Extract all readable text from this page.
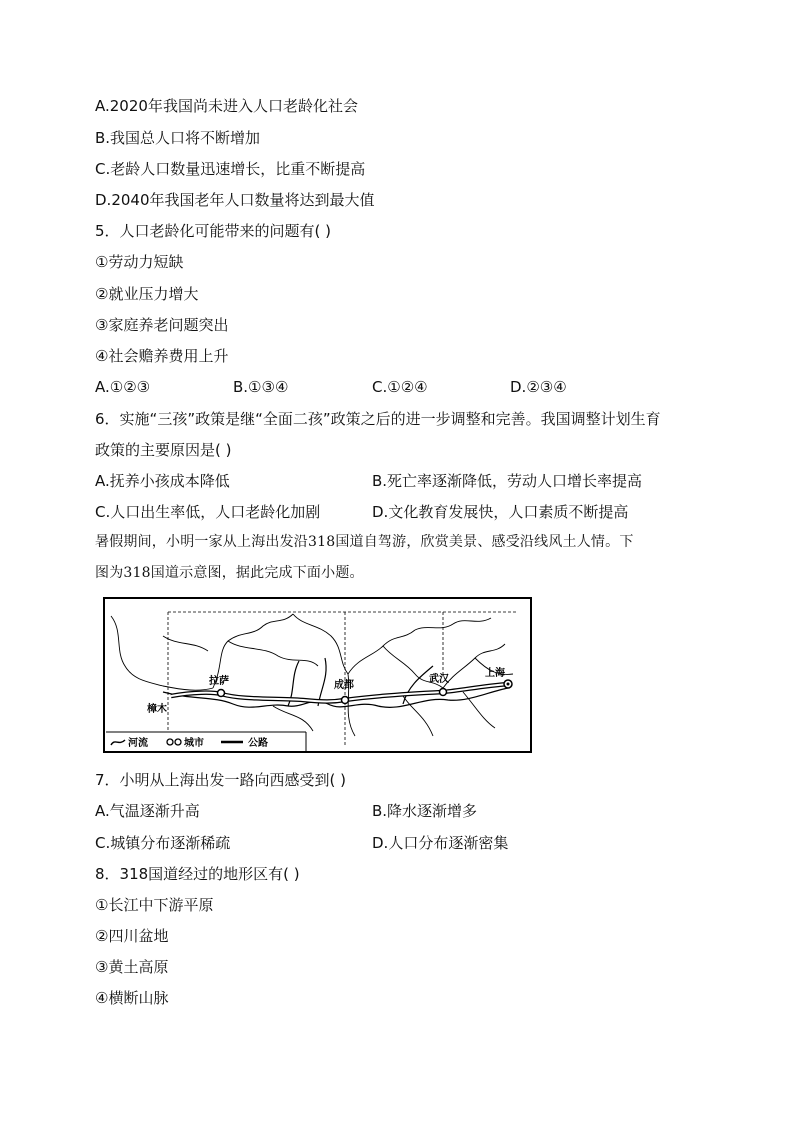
A.2020年我国尚未进入人口老龄化社会
B.我国总人口将不断增加
C.老龄人口数量迅速增长，比重不断提高
D.2040年我国老年人口数量将达到最大值
5．人口老龄化可能带来的问题有( )
①劳动力短缺
②就业压力增大
③家庭养老问题突出
④社会赡养费用上升
A.①②③	B.①③④	C.①②④	D.②③④
6．实施“三孩”政策是继“全面二孩”政策之后的进一步调整和完善。我国调整计划生育
政策的主要原因是( )
A.抚养小孩成本降低	B.死亡率逐渐降低，劳动人口增长率提高
C.人口出生率低，人口老龄化加剧	D.文化教育发展快，人口素质不断提高
暑假期间，小明一家从上海出发沿318国道自驾游，欣赏美景、感受沿线风土人情。下
图为318国道示意图，据此完成下面小题。
拉萨	成都
武汉
上海
樟木
河流	城市	公路
7．小明从上海出发一路向西感受到( )
A.气温逐渐升高	B.降水逐渐增多
C.城镇分布逐渐稀疏	D.人口分布逐渐密集
8．318国道经过的地形区有( )
①长江中下游平原
②四川盆地
③黄土高原
④横断山脉
